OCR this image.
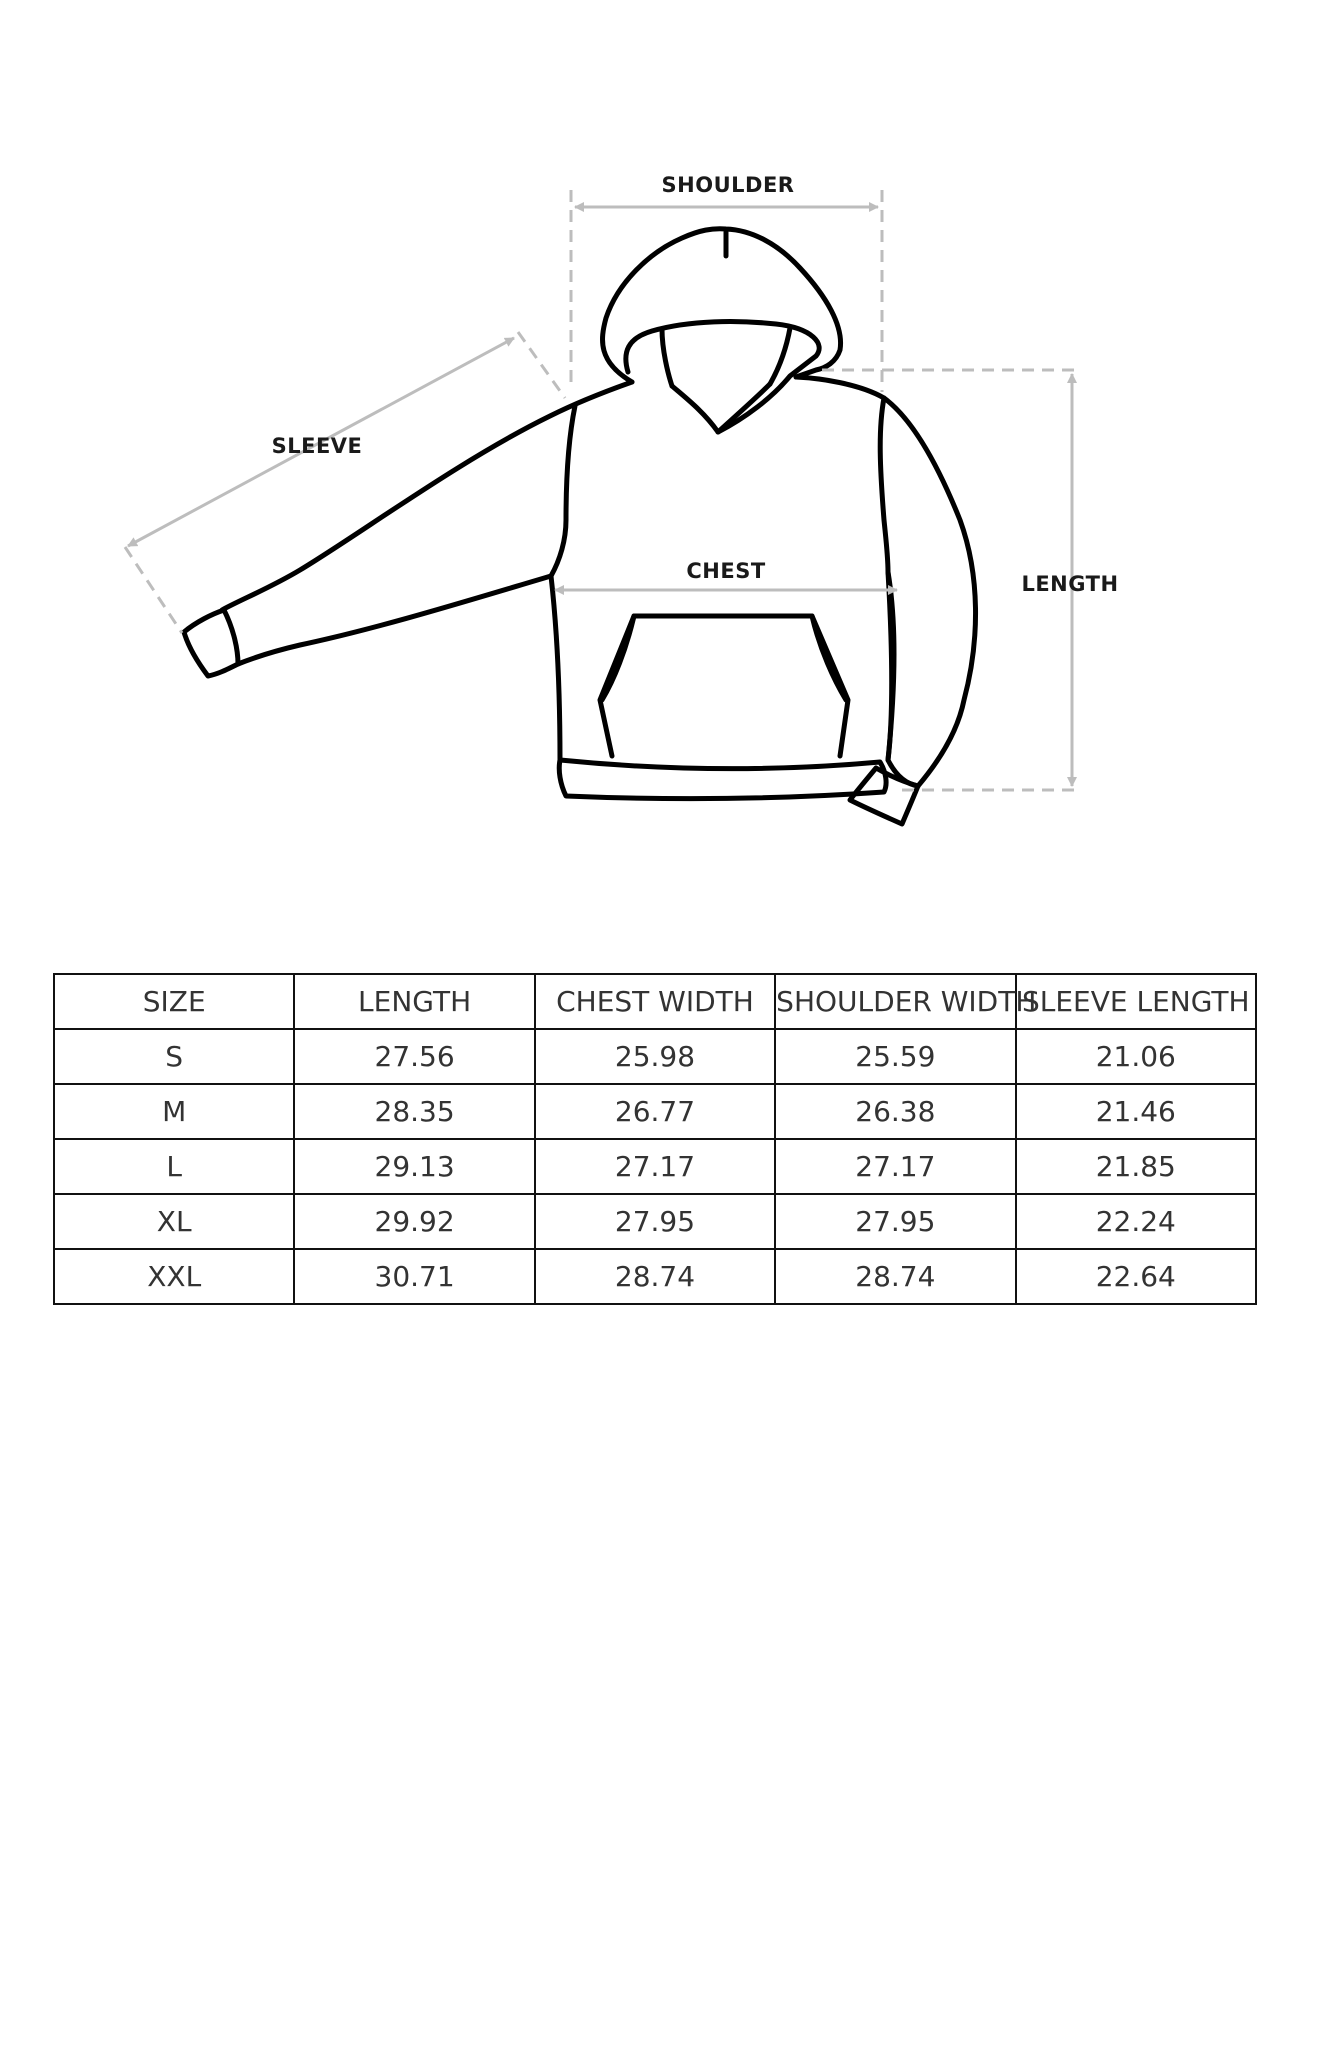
SHOULDER
SLEEVE
CHEST
LENGTH
SIZE	LENGTH	CHEST WIDTH	SHOULDER WIDTH	SLEEVE LENGTH
S	27.56	25.98	25.59	21.06
M	28.35	26.77	26.38	21.46
L	29.13	27.17	27.17	21.85
XL	29.92	27.95	27.95	22.24
XXL	30.71	28.74	28.74	22.64
